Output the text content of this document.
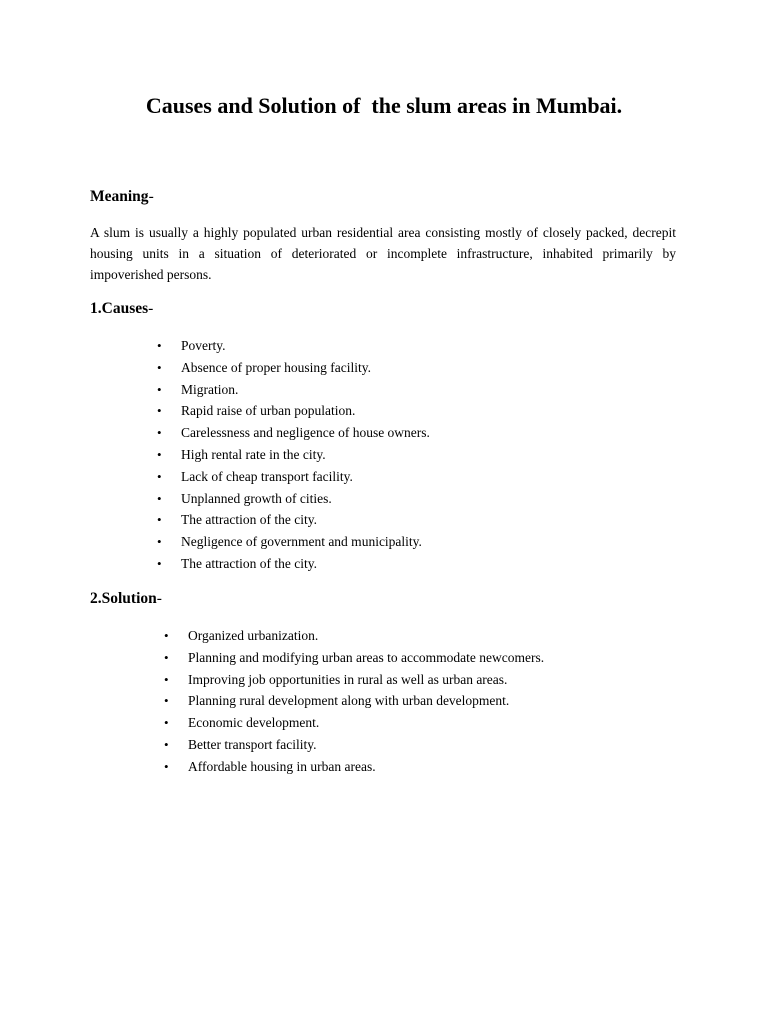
Causes and Solution of  the slum areas in Mumbai.
Meaning-

A slum is usually a highly populated urban residential area consisting mostly of closely packed, decrepit housing units in a situation of deteriorated or incomplete infrastructure, inhabited primarily by impoverished persons.

1.Causes-
• Poverty.
• Absence of proper housing facility.
• Migration.
• Rapid raise of urban population.
• Carelessness and negligence of house owners.
• High rental rate in the city.
• Lack of cheap transport facility.
• Unplanned growth of cities.
• The attraction of the city.
• Negligence of government and municipality.
• The attraction of the city.
2.Solution-
• Organized urbanization.
• Planning and modifying urban areas to accommodate newcomers.
• Improving job opportunities in rural as well as urban areas.
• Planning rural development along with urban development.
• Economic development.
• Better transport facility.
• Affordable housing in urban areas.
